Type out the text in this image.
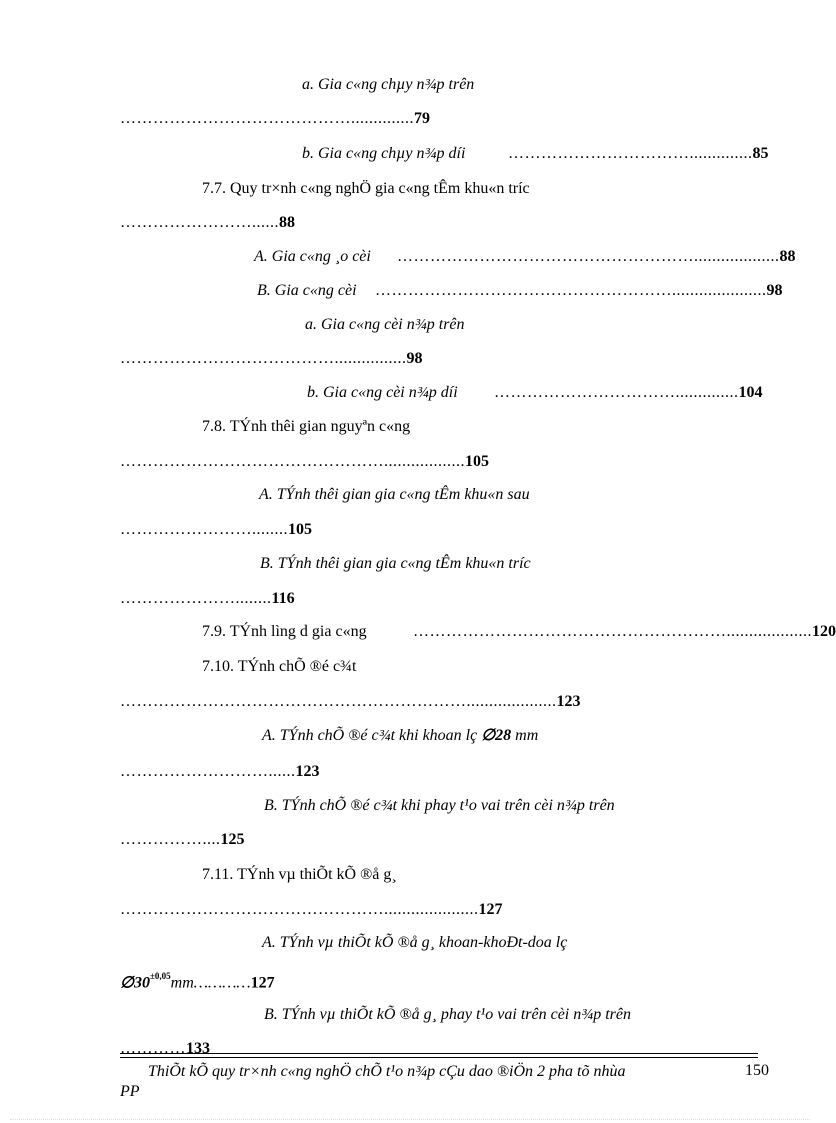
a. Gia c«ng chµy n¾p trên
……………………………………..............79
b. Gia c«ng chµy n¾p díi	……………………………..............85
7.7. Quy tr×nh c«ng nghÖ gia c«ng tÊm khu«n tríc
……………………......88
A. Gia c«ng ¸o cèi ………………………………………………...................88
B. Gia c«ng cèi ……………………………………………….....................98
a. Gia c«ng cèi n¾p trên
…………………………………................98
b. Gia c«ng cèi n¾p díi ……………………………..............104
7.8. TÝnh thêi gian nguyªn c«ng
…………………………………………..................105
A. TÝnh thêi gian gia c«ng tÊm khu«n sau
……………………........105
B. TÝnh thêi gian gia c«ng tÊm khu«n tríc
…………………........116
7.9. TÝnh lìng d gia c«ng	…………………………………………………...................120
7.10. TÝnh chÕ ®é c¾t
………………………………………………………....................123
A. TÝnh chÕ ®é c¾t khi khoan lç ∅28 mm
………………………......123
B. TÝnh chÕ ®é c¾t khi phay t¹o vai trên cèi n¾p trên
……………....125
7.11. TÝnh vµ thiÕt kÕ ®å g¸
………………………………………….....................127
A. TÝnh vµ thiÕt kÕ ®å g¸ khoan-khoÐt-doa lç
$\emptyset 30^{\pm 0,05}mm\dots\dots\dots\dots 127$
B. TÝnh vµ thiÕt kÕ ®å g¸ phay t¹o vai trên cèi n¾p trên
…………133
ThiÕt kÕ quy tr×nh c«ng nghÖ chÕ t¹o n¾p cÇu dao ®iÖn 2 pha tõ nhùa
PP
150
